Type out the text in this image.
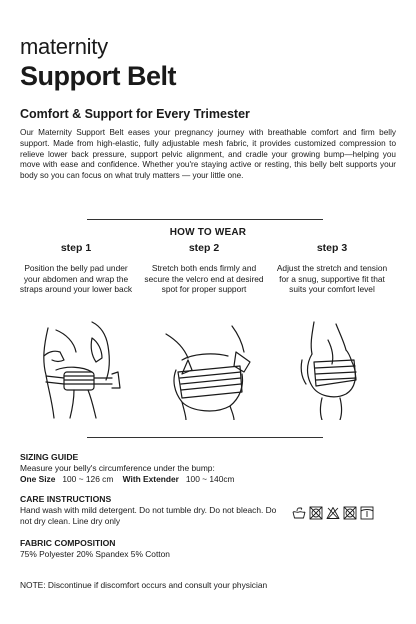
maternity
Support Belt
Comfort & Support for Every Trimester
Our Maternity Support Belt eases your pregnancy journey with breathable comfort and firm belly support. Made from high-elastic, fully adjustable mesh fabric, it provides customized compression to relieve lower back pressure, support pelvic alignment, and cradle your growing bump—helping you move with ease and confidence. Whether you're staying active or resting, this belly belt supports your body so you can focus on what truly matters — your little one.
HOW TO WEAR
step 1
Position the belly pad under your abdomen and wrap the straps around your lower back
step 2
Stretch both ends firmly and secure the velcro end at desired spot for proper support
step 3
Adjust the stretch and tension for a snug, supportive fit that suits your comfort level
SIZING GUIDE
Measure your belly's circumference under the bump:
One Size 100 ~ 126 cm With Extender 100 ~ 140cm
CARE INSTRUCTIONS
Hand wash with mild detergent. Do not tumble dry. Do not bleach. Do not dry clean. Line dry only
FABRIC COMPOSITION
75% Polyester 20% Spandex 5% Cotton
NOTE: Discontinue if discomfort occurs and consult your physician
